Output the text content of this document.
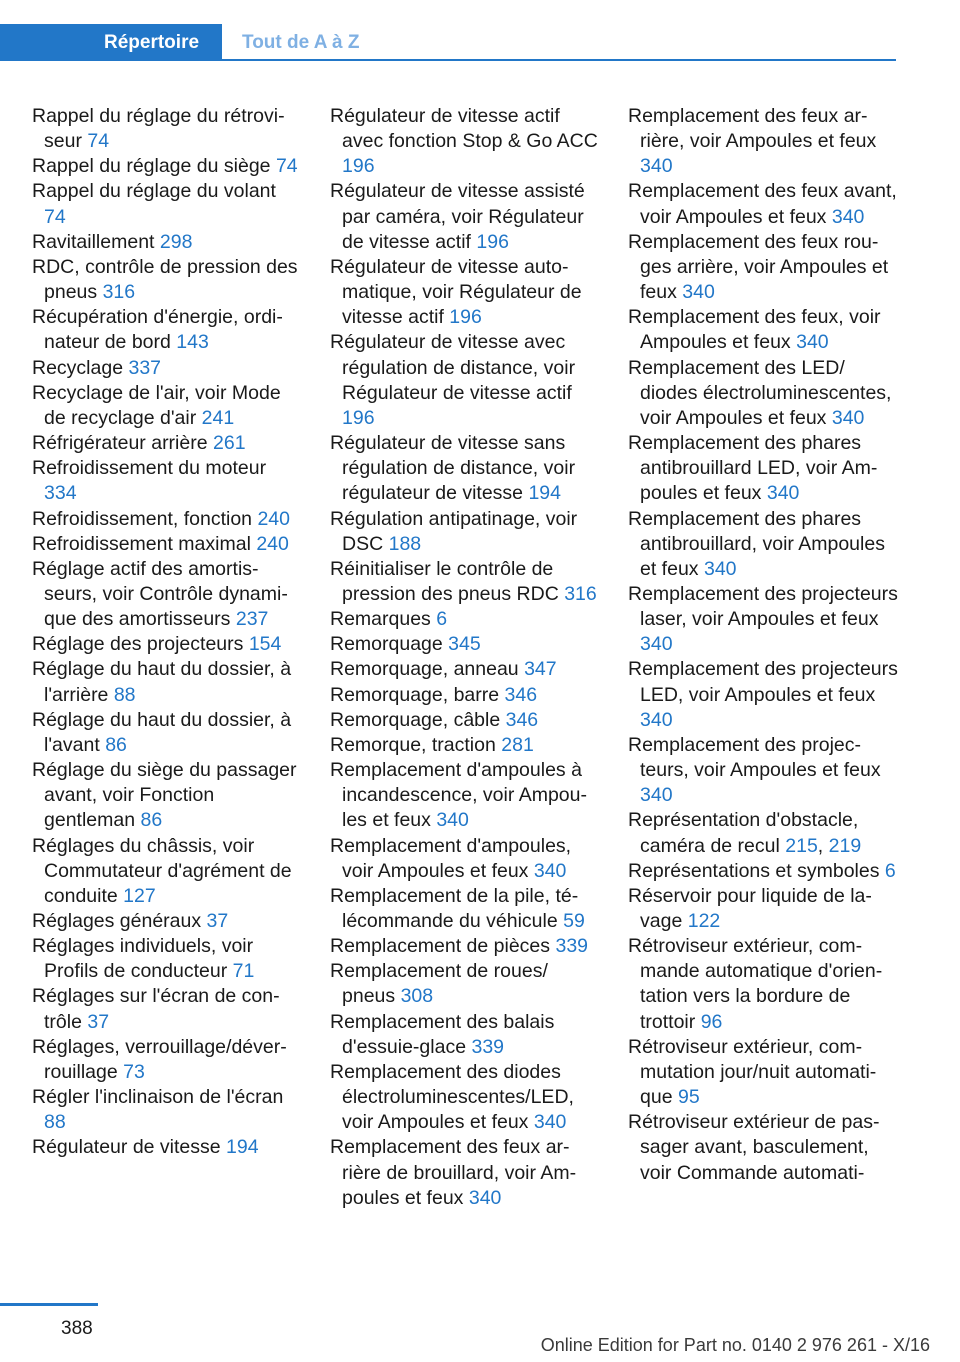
Répertoire	Tout de A à Z

Rappel du réglage du rétroviseur 74

Rappel du réglage du siège 74

Rappel du réglage du volant 74

Ravitaillement 298

RDC, contrôle de pression des pneus 316

Récupération d'énergie, ordinateur de bord 143

Recyclage 337

Recyclage de l'air, voir Mode de recyclage d'air 241

Réfrigérateur arrière 261

Refroidissement du moteur 334

Refroidissement, fonction 240

Refroidissement maximal 240

Réglage actif des amortisseurs, voir Contrôle dynamique des amortisseurs 237

Réglage des projecteurs 154

Réglage du haut du dossier, à l'arrière 88

Réglage du haut du dossier, à l'avant 86

Réglage du siège du passager avant, voir Fonction gentleman 86

Réglages du châssis, voir Commutateur d'agrément de conduite 127

Réglages généraux 37

Réglages individuels, voir Profils de conducteur 71

Réglages sur l'écran de contrôle 37

Réglages, verrouillage/déverrouillage 73

Régler l'inclinaison de l'écran 88

Régulateur de vitesse 194

Régulateur de vitesse actif avec fonction Stop & Go ACC 196

Régulateur de vitesse assisté par caméra, voir Régulateur de vitesse actif 196

Régulateur de vitesse automatique, voir Régulateur de vitesse actif 196

Régulateur de vitesse avec régulation de distance, voir Régulateur de vitesse actif 196

Régulateur de vitesse sans régulation de distance, voir régulateur de vitesse 194

Régulation antipatinage, voir DSC 188

Réinitialiser le contrôle de pression des pneus RDC 316

Remarques 6

Remorquage 345

Remorquage, anneau 347

Remorquage, barre 346

Remorquage, câble 346

Remorque, traction 281

Remplacement d'ampoules à incandescence, voir Ampoules et feux 340

Remplacement d'ampoules, voir Ampoules et feux 340

Remplacement de la pile, télécommande du véhicule 59

Remplacement de pièces 339

Remplacement de roues/ pneus 308

Remplacement des balais d'essuie-glace 339

Remplacement des diodes électroluminescentes/LED, voir Ampoules et feux 340

Remplacement des feux arrière de brouillard, voir Ampoules et feux 340

Remplacement des feux arrière, voir Ampoules et feux 340

Remplacement des feux avant, voir Ampoules et feux 340

Remplacement des feux rouges arrière, voir Ampoules et feux 340

Remplacement des feux, voir Ampoules et feux 340

Remplacement des LED/ diodes électroluminescentes, voir Ampoules et feux 340

Remplacement des phares antibrouillard LED, voir Ampoules et feux 340

Remplacement des phares antibrouillard, voir Ampoules et feux 340

Remplacement des projecteurs laser, voir Ampoules et feux 340

Remplacement des projecteurs LED, voir Ampoules et feux 340

Remplacement des projecteurs, voir Ampoules et feux 340

Représentation d'obstacle, caméra de recul 215, 219

Représentations et symboles 6

Réservoir pour liquide de lavage 122

Rétroviseur extérieur, commande automatique d'orientation vers la bordure de trottoir 96

Rétroviseur extérieur, commutation jour/nuit automatique 95

Rétroviseur extérieur de passager avant, basculement, voir Commande automati-

388
Online Edition for Part no. 0140 2 976 261 - X/16
